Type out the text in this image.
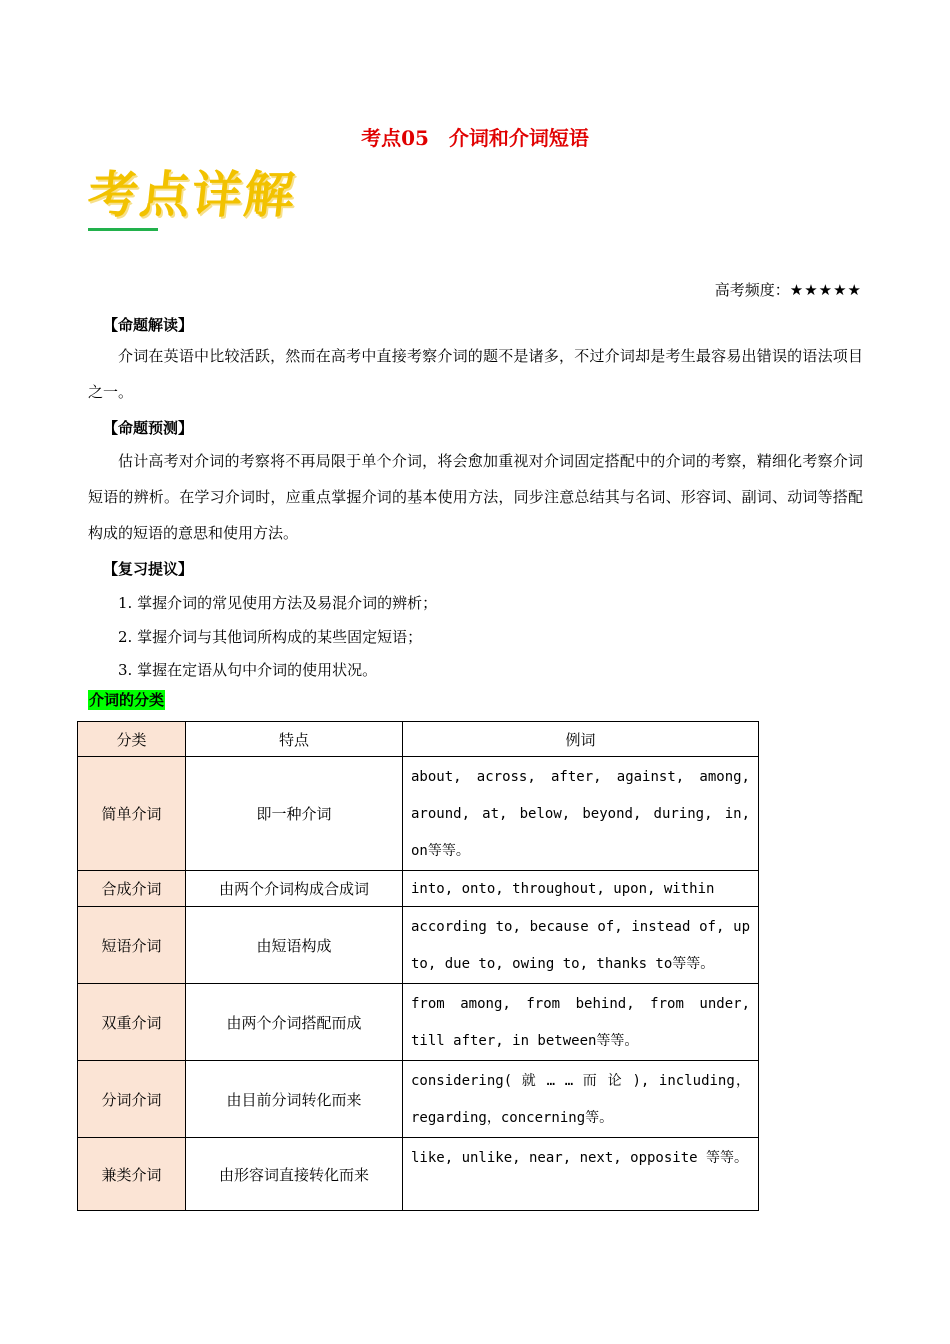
考点05　介词和介词短语
考点详解
高考频度：★★★★★
【命题解读】
介词在英语中比较活跃，然而在高考中直接考察介词的题不是诸多，不过介词却是考生最容易出错误的语法项目之一。
【命题预测】
估计高考对介词的考察将不再局限于单个介词，将会愈加重视对介词固定搭配中的介词的考察，精细化考察介词短语的辨析。在学习介词时，应重点掌握介词的基本使用方法，同步注意总结其与名词、形容词、副词、动词等搭配构成的短语的意思和使用方法。
【复习提议】
1. 掌握介词的常见使用方法及易混介词的辨析；
2. 掌握介词与其他词所构成的某些固定短语；
3. 掌握在定语从句中介词的使用状况。
介词的分类
分类	特点	例词
简单介词	即一种介词	about, across, after, against, among, around, at, below, beyond, during, in, on等等。
合成介词	由两个介词构成合成词	into, onto, throughout, upon, within
短语介词	由短语构成	according to, because of, instead of, up to, due to, owing to, thanks to等等。
双重介词	由两个介词搭配而成	from among, from behind, from under, till after, in between等等。
分词介词	由目前分词转化而来	considering( 就 … … 而 论 ), including，regarding，concerning等。
兼类介词	由形容词直接转化而来	like, unlike, near, next, opposite 等等。
